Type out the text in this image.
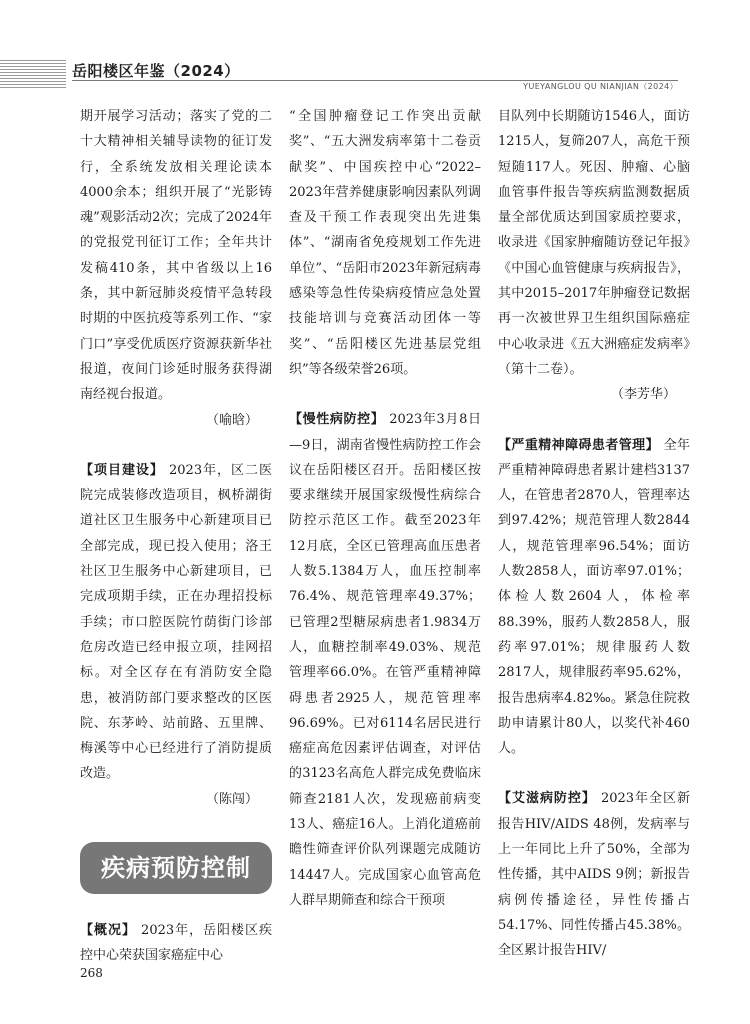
岳阳楼区年鉴（2024）
YUEYANGLOU QU NIANJIAN（2024）

期开展学习活动；落实了党的二十大精神相关辅导读物的征订发行，全系统发放相关理论读本4000余本；组织开展了“光影铸魂”观影活动2次；完成了2024年的党报党刊征订工作；全年共计发稿410条，其中省级以上16条，其中新冠肺炎疫情平急转段时期的中医抗疫等系列工作、“家门口”享受优质医疗资源获新华社报道，夜间门诊延时服务获得湖南经视台报道。

（喻晗）

【项目建设】 2023年，区二医院完成装修改造项目，枫桥湖街道社区卫生服务中心新建项目已全部完成，现已投入使用；洛王社区卫生服务中心新建项目，已完成项期手续，正在办理招投标手续；市口腔医院竹荫街门诊部危房改造已经申报立项，挂网招标。对全区存在有消防安全隐患，被消防部门要求整改的区医院、东茅岭、站前路、五里牌、梅溪等中心已经进行了消防提质改造。

（陈闯）

疾病预防控制

【概况】 2023年，岳阳楼区疾控中心荣获国家癌症中心

“全国肿瘤登记工作突出贡献奖”、“五大洲发病率第十二卷贡献奖”、中国疾控中心“2022–2023年营养健康影响因素队列调查及干预工作表现突出先进集体”、“湖南省免疫规划工作先进单位”、“岳阳市2023年新冠病毒感染等急性传染病疫情应急处置技能培训与竞赛活动团体一等奖”、“岳阳楼区先进基层党组织”等各级荣誉26项。

【慢性病防控】 2023年3月8日—9日，湖南省慢性病防控工作会议在岳阳楼区召开。岳阳楼区按要求继续开展国家级慢性病综合防控示范区工作。截至2023年12月底，全区已管理高血压患者人数5.1384万人，血压控制率76.4%、规范管理率49.37%；已管理2型糖尿病患者1.9834万人，血糖控制率49.03%、规范管理率66.0%。在管严重精神障碍患者2925人，规范管理率96.69%。已对6114名居民进行癌症高危因素评估调查，对评估的3123名高危人群完成免费临床筛查2181人次，发现癌前病变13人、癌症16人。上消化道癌前瞻性筛查评价队列课题完成随访14447人。完成国家心血管高危人群早期筛查和综合干预项

目队列中长期随访1546人，面访1215人，复筛207人，高危干预短随117人。死因、肿瘤、心脑血管事件报告等疾病监测数据质量全部优质达到国家质控要求，收录进《国家肿瘤随访登记年报》《中国心血管健康与疾病报告》，其中2015–2017年肿瘤登记数据再一次被世界卫生组织国际癌症中心收录进《五大洲癌症发病率》（第十二卷）。

（李芳华）

【严重精神障碍患者管理】 全年严重精神障碍患者累计建档3137人，在管患者2870人，管理率达到97.42%；规范管理人数2844人，规范管理率96.54%；面访人数2858人，面访率97.01%；体检人数2604人，体检率88.39%，服药人数2858人，服药率97.01%；规律服药人数2817人，规律服药率95.62%，报告患病率4.82‰。紧急住院救助申请累计80人，以奖代补460人。

【艾滋病防控】 2023年全区新报告HIV/AIDS 48例，发病率与上一年同比上升了50%，全部为性传播，其中AIDS 9例；新报告病例传播途径，异性传播占54.17%、同性传播占45.38%。全区累计报告HIV/

268
